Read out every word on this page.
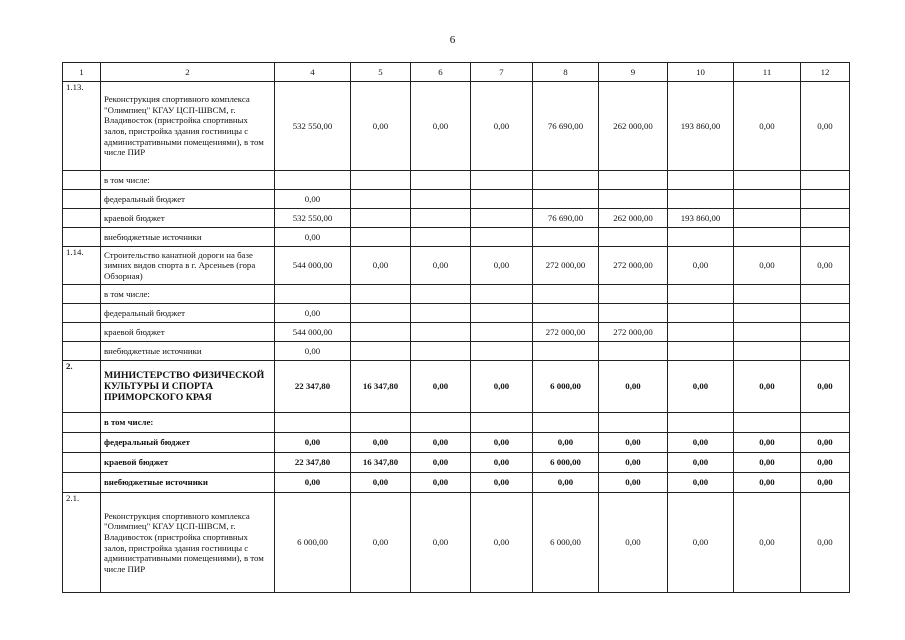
6
1	2	4	5	6	7	8	9	10	11	12
1.13.	Реконструкция спортивного комплекса "Олимпиец" КГАУ ЦСП-ШВСМ, г. Владивосток (пристройка спортивных залов, пристройка здания гостиницы с административными помещениями), в том числе ПИР	532 550,00	0,00	0,00	0,00	76 690,00	262 000,00	193 860,00	0,00	0,00
	в том числе:									
	федеральный бюджет	0,00								
	краевой бюджет	532 550,00				76 690,00	262 000,00	193 860,00		
	внебюджетные источники	0,00								
1.14.	Строительство канатной дороги на базе зимних видов спорта в г. Арсеньев (гора Обзорная)	544 000,00	0,00	0,00	0,00	272 000,00	272 000,00	0,00	0,00	0,00
	в том числе:									
	федеральный бюджет	0,00								
	краевой бюджет	544 000,00				272 000,00	272 000,00			
	внебюджетные источники	0,00								
2.	МИНИСТЕРСТВО ФИЗИЧЕСКОЙ КУЛЬТУРЫ И СПОРТА ПРИМОРСКОГО КРАЯ	22 347,80	16 347,80	0,00	0,00	6 000,00	0,00	0,00	0,00	0,00
	в том числе:									
	федеральный бюджет	0,00	0,00	0,00	0,00	0,00	0,00	0,00	0,00	0,00
	краевой бюджет	22 347,80	16 347,80	0,00	0,00	6 000,00	0,00	0,00	0,00	0,00
	внебюджетные источники	0,00	0,00	0,00	0,00	0,00	0,00	0,00	0,00	0,00
2.1.	Реконструкция спортивного комплекса "Олимпиец" КГАУ ЦСП-ШВСМ, г. Владивосток (пристройка спортивных залов, пристройка здания гостиницы с административными помещениями), в том числе ПИР	6 000,00	0,00	0,00	0,00	6 000,00	0,00	0,00	0,00	0,00
